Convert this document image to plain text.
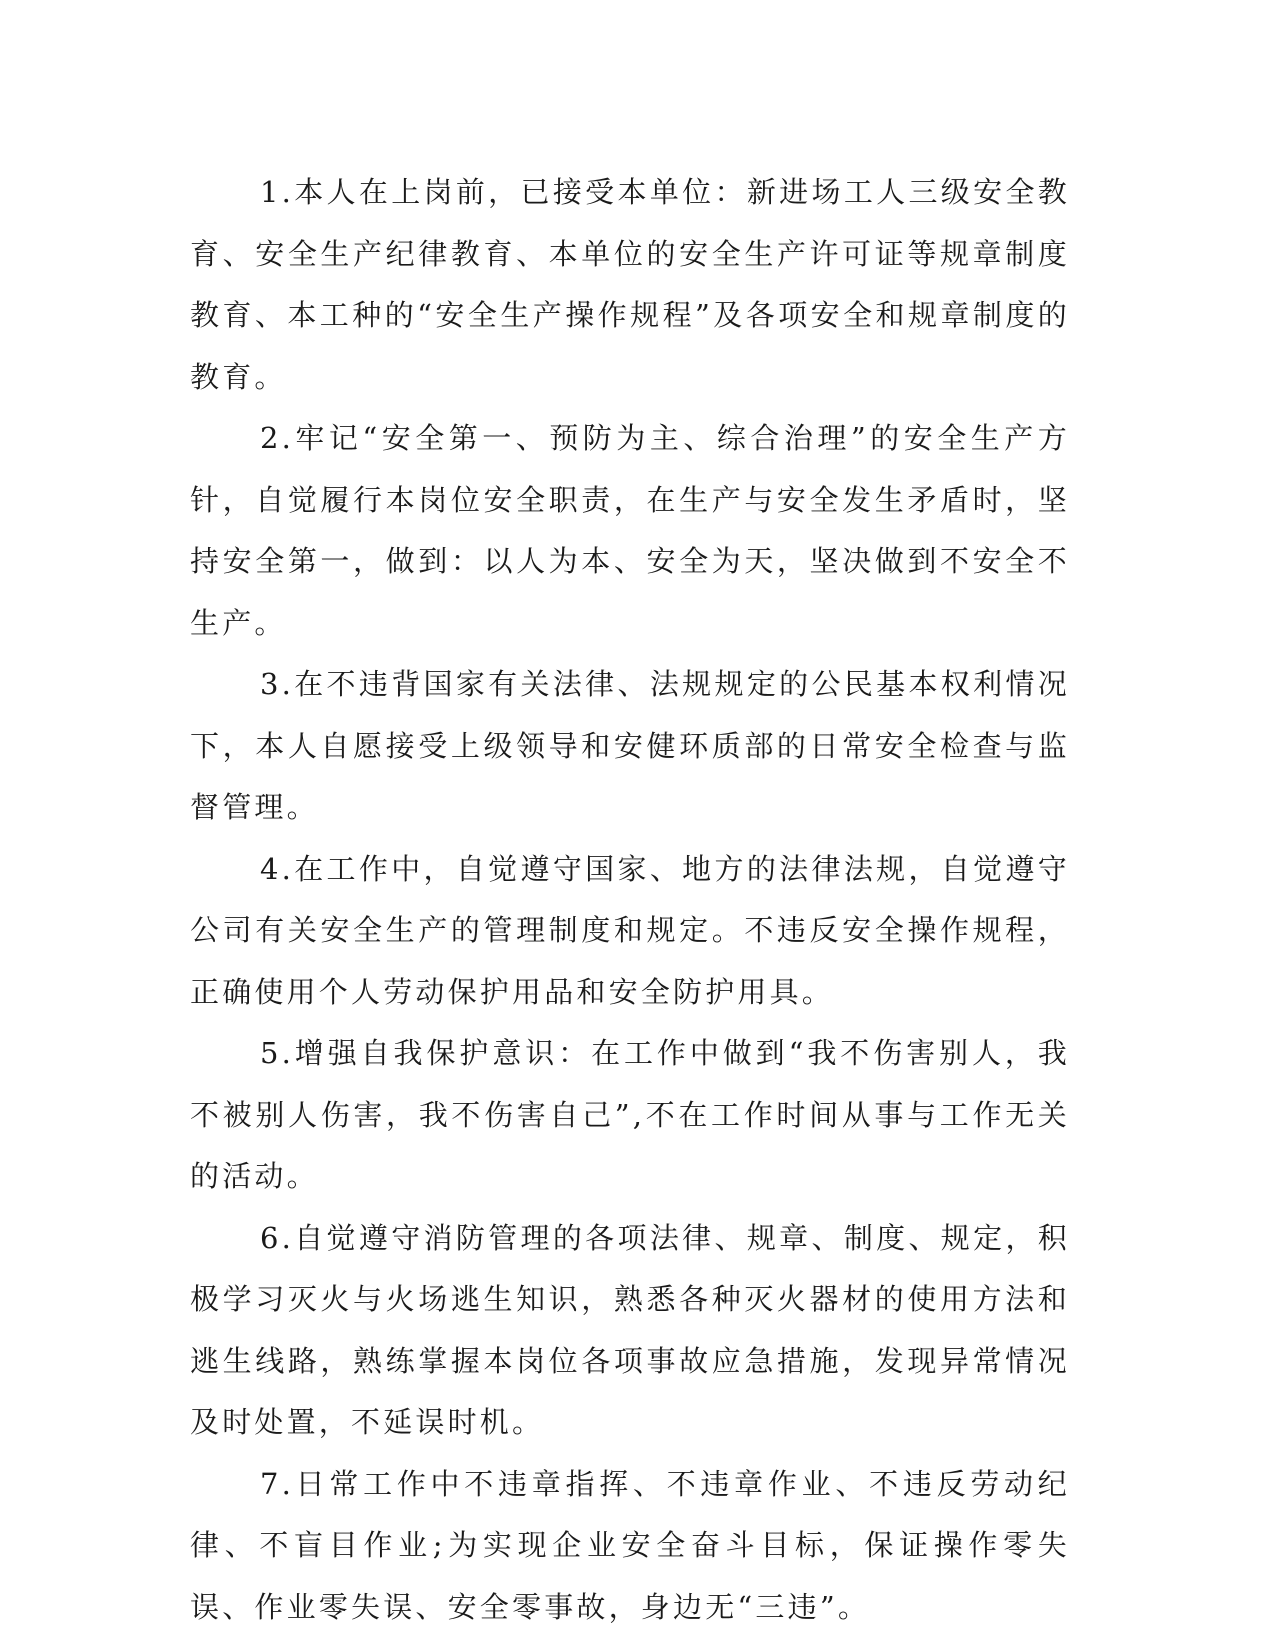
1.本人在上岗前，已接受本单位：新进场工人三级安全教育、安全生产纪律教育、本单位的安全生产许可证等规章制度教育、本工种的“安全生产操作规程”及各项安全和规章制度的教育。

2.牢记“安全第一、预防为主、综合治理”的安全生产方针，自觉履行本岗位安全职责，在生产与安全发生矛盾时，坚持安全第一，做到：以人为本、安全为天，坚决做到不安全不生产。

3.在不违背国家有关法律、法规规定的公民基本权利情况下，本人自愿接受上级领导和安健环质部的日常安全检查与监督管理。

4.在工作中，自觉遵守国家、地方的法律法规，自觉遵守公司有关安全生产的管理制度和规定。不违反安全操作规程，正确使用个人劳动保护用品和安全防护用具。

5.增强自我保护意识：在工作中做到“我不伤害别人，我不被别人伤害，我不伤害自己”,不在工作时间从事与工作无关的活动。

6.自觉遵守消防管理的各项法律、规章、制度、规定，积极学习灭火与火场逃生知识，熟悉各种灭火器材的使用方法和逃生线路，熟练掌握本岗位各项事故应急措施，发现异常情况及时处置，不延误时机。

7.日常工作中不违章指挥、不违章作业、不违反劳动纪律、不盲目作业;为实现企业安全奋斗目标，保证操作零失误、作业零失误、安全零事故，身边无“三违”。
